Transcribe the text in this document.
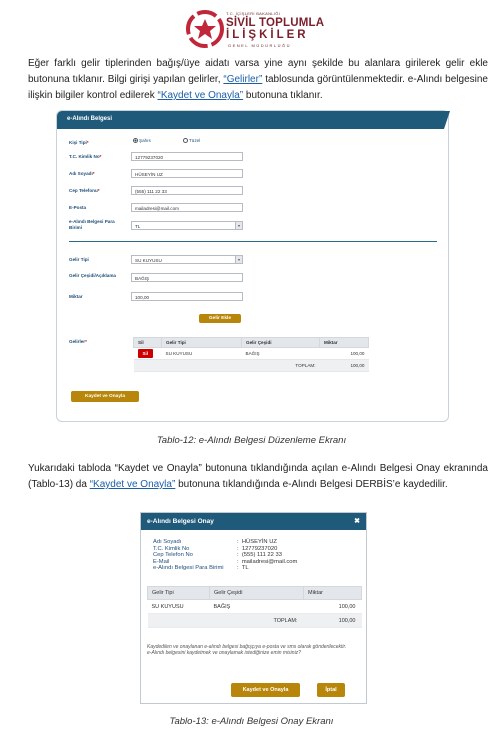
T.C. İÇİŞLERİ BAKANLIĞI
SİVİL TOPLUMLA
İLİŞKİLER
GENEL MÜDÜRLÜĞÜ
Eğer farklı gelir tiplerinden bağış/üye aidatı varsa yine aynı şekilde bu alanlara girilerek gelir ekle butonuna tıklanır. Bilgi girişi yapılan gelirler, “Gelirler” tablosunda görüntülenmektedir. e-Alındı belgesine ilişkin bilgiler kontrol edilerek “Kaydet ve Onayla” butonuna tıklanır.
e-Alındı Belgesi
Kişi Tipi*	Şahıs	Tüzel
T.C. Kimlik No*	12779237020
Adı Soyadı*	HÜSEYİN UZ
Cep Telefonu*	(555) 111 22 33
E-Posta	mailadresi@mail.com
e-Alındı Belgesi Para Birimi	TL	▾
Gelir Tipi	SU KUYUSU	▾
Gelir Çeşidi/Açıklama
BAĞIŞ
Miktar	100,00
Gelir Ekle
Gelirler*	Sil	Gelir Tipi	Gelir Çeşidi	Miktar
Sil	SU KUYUSU	BAĞIŞ	100,00
		TOPLAM:	100,00
Kaydet ve Onayla
Tablo-12: e-Alındı Belgesi Düzenleme Ekranı
Yukarıdaki tabloda “Kaydet ve Onayla” butonuna tıklandığında açılan e-Alındı Belgesi Onay ekranında (Tablo-13) da “Kaydet ve Onayla” butonuna tıklandığında e-Alındı Belgesi DERBİS’e kaydedilir.
e-Alındı Belgesi Onay	✖
Adı Soyadı	:  HÜSEYİN UZ
T.C. Kimlik No	:  12779237020
Cep Telefon No	:  (555) 111 22 33
E-Mail	:  mailadresi@mail.com
e-Alındı Belgesi Para Birimi :  TL
Gelir Tipi	Gelir Çeşidi	Miktar
SU KUYUSU	BAĞIŞ	100,00
	TOPLAM:	100,00
Kaydedilen ve onaylanan e-alındı belgesi bağışçıya e-posta ve sms olarak gönderilecektir. e-Alındı belgesini kaydetmek ve onaylamak istediğinize emin misiniz?
Kaydet ve Onayla	İptal
Tablo-13: e-Alındı Belgesi Onay Ekranı
